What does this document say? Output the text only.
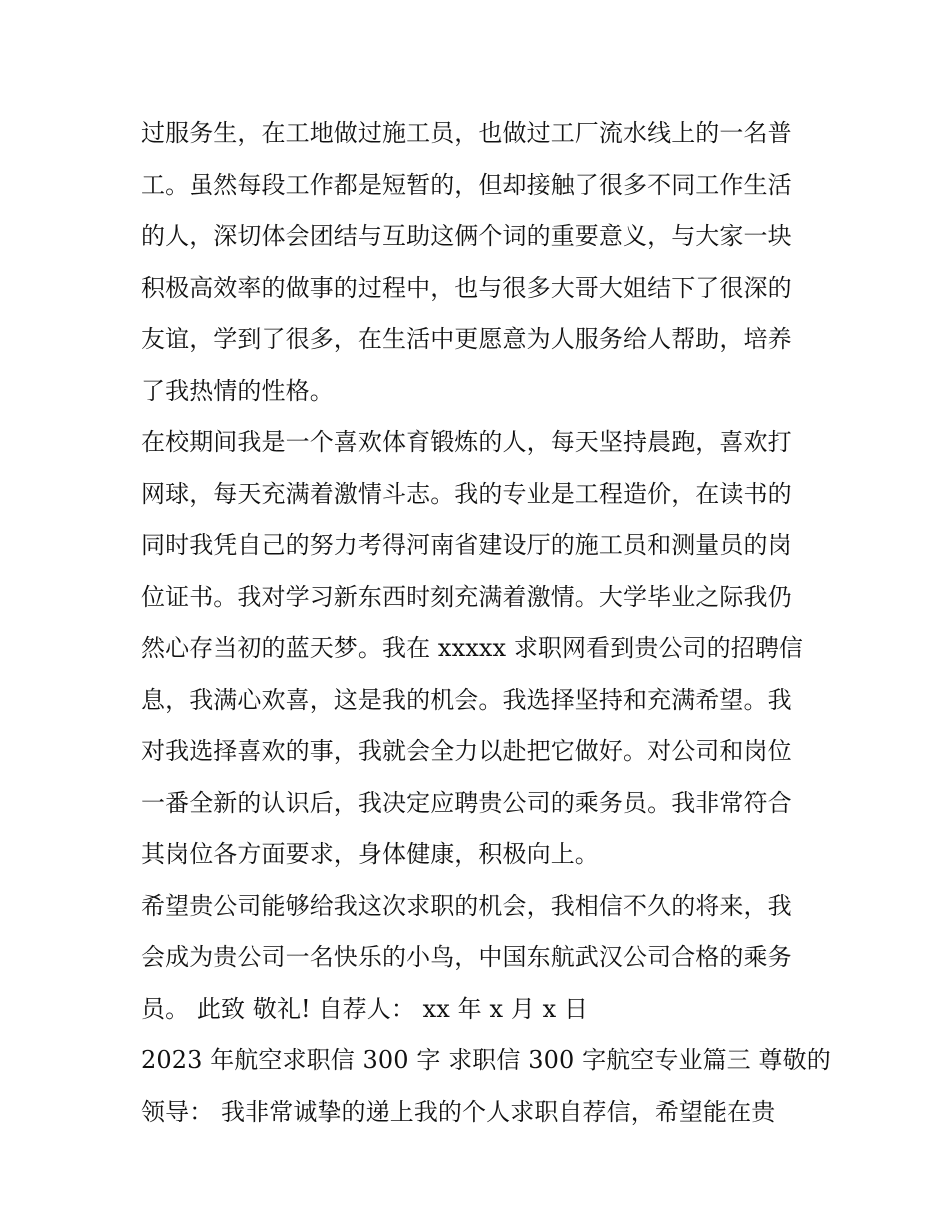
过服务生，在工地做过施工员，也做过工厂流水线上的一名普
工。虽然每段工作都是短暂的，但却接触了很多不同工作生活
的人，深切体会团结与互助这俩个词的重要意义，与大家一块
积极高效率的做事的过程中，也与很多大哥大姐结下了很深的
友谊，学到了很多，在生活中更愿意为人服务给人帮助，培养
了我热情的性格。
在校期间我是一个喜欢体育锻炼的人，每天坚持晨跑，喜欢打
网球，每天充满着激情斗志。我的专业是工程造价，在读书的
同时我凭自己的努力考得河南省建设厅的施工员和测量员的岗
位证书。我对学习新东西时刻充满着激情。大学毕业之际我仍
然心存当初的蓝天梦。我在 xxxxx 求职网看到贵公司的招聘信
息，我满心欢喜，这是我的机会。我选择坚持和充满希望。我
对我选择喜欢的事，我就会全力以赴把它做好。对公司和岗位
一番全新的认识后，我决定应聘贵公司的乘务员。我非常符合
其岗位各方面要求，身体健康，积极向上。
希望贵公司能够给我这次求职的机会，我相信不久的将来，我
会成为贵公司一名快乐的小鸟，中国东航武汉公司合格的乘务
员。 此致 敬礼! 自荐人： xx 年 x 月 x 日
2023 年航空求职信 300 字 求职信 300 字航空专业篇三 尊敬的
领导： 我非常诚挚的递上我的个人求职自荐信，希望能在贵
